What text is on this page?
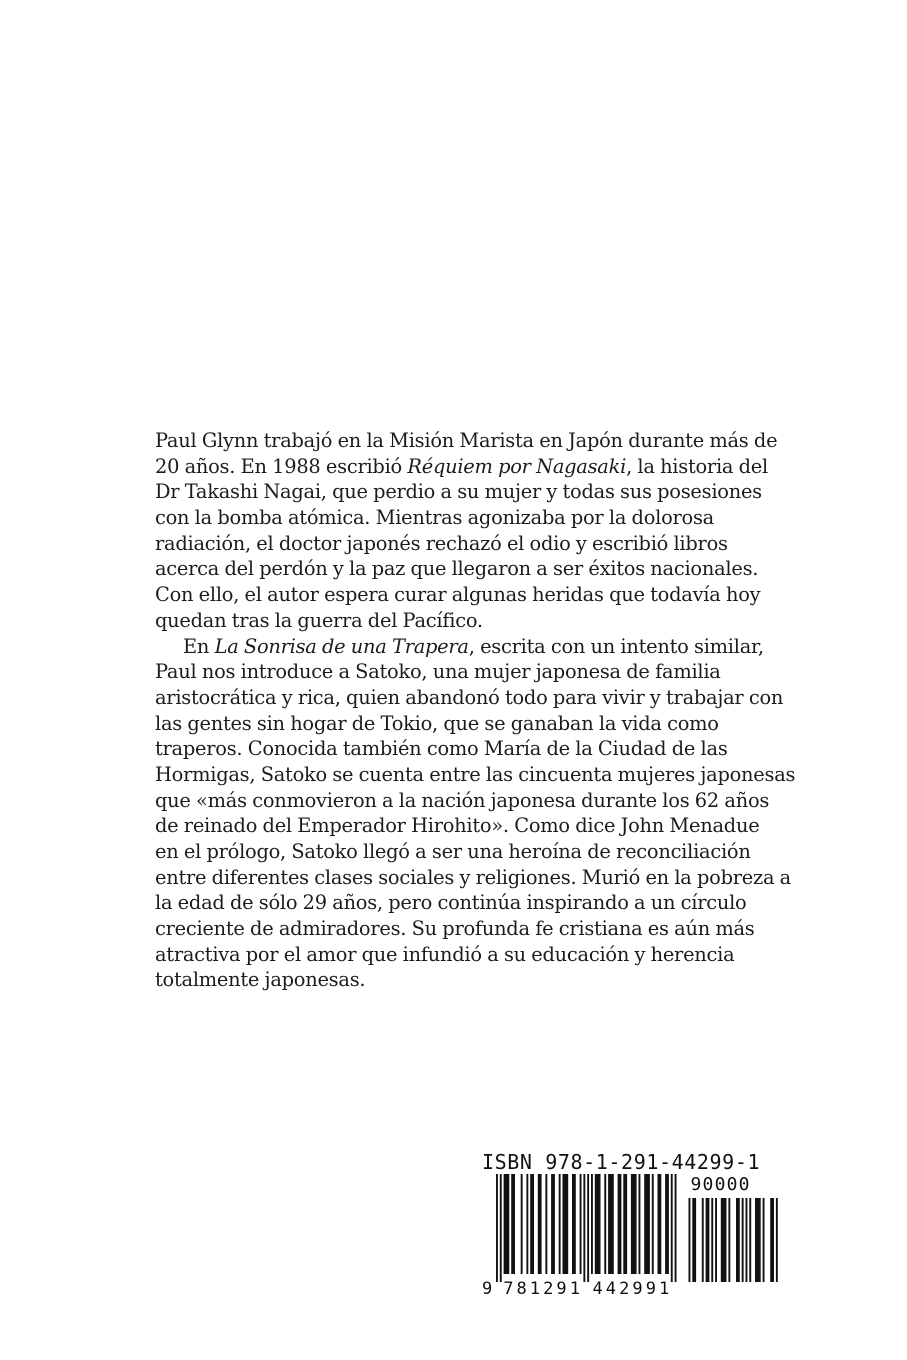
Paul Glynn trabajó en la Misión Marista en Japón durante más de
20 años. En 1988 escribió Réquiem por Nagasaki, la historia del
Dr Takashi Nagai, que perdio a su mujer y todas sus posesiones
con la bomba atómica. Mientras agonizaba por la dolorosa
radiación, el doctor japonés rechazó el odio y escribió libros
acerca del perdón y la paz que llegaron a ser éxitos nacionales.
Con ello, el autor espera curar algunas heridas que todavía hoy
quedan tras la guerra del Pacífico.
En La Sonrisa de una Trapera, escrita con un intento similar,
Paul nos introduce a Satoko, una mujer japonesa de familia
aristocrática y rica, quien abandonó todo para vivir y trabajar con
las gentes sin hogar de Tokio, que se ganaban la vida como
traperos. Conocida también como María de la Ciudad de las
Hormigas, Satoko se cuenta entre las cincuenta mujeres japonesas
que «más conmovieron a la nación japonesa durante los 62 años
de reinado del Emperador Hirohito». Como dice John Menadue
en el prólogo, Satoko llegó a ser una heroína de reconciliación
entre diferentes clases sociales y religiones. Murió en la pobreza a
la edad de sólo 29 años, pero continúa inspirando a un círculo
creciente de admiradores. Su profunda fe cristiana es aún más
atractiva por el amor que infundió a su educación y herencia
totalmente japonesas.
ISBN 978-1-291-44299-1
9 7 8 1 2 9 1 4 4 2 9 9 1
90000
